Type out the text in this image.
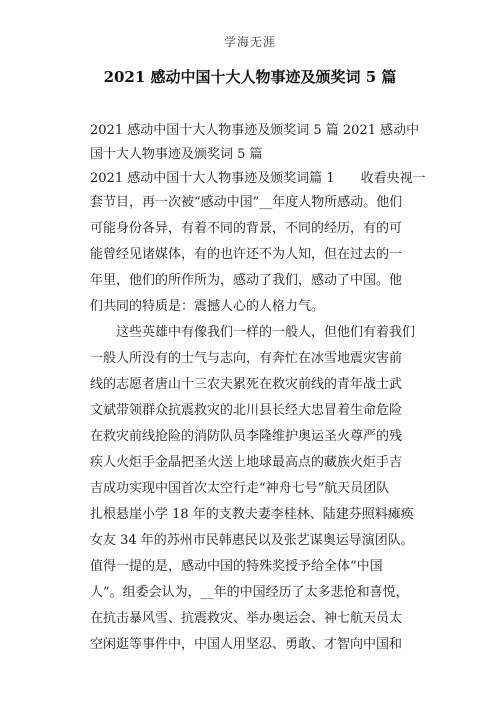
学海无涯
2021 感动中国十大人物事迹及颁奖词 5 篇
2021 感动中国十大人物事迹及颁奖词 5 篇 2021 感动中
国十大人物事迹及颁奖词 5 篇
2021 感动中国十大人物事迹及颁奖词篇 1　　收看央视一
套节目，再一次被“感动中国”__年度人物所感动。他们
可能身份各异，有着不同的背景，不同的经历，有的可
能曾经见诸媒体，有的也许还不为人知，但在过去的一
年里，他们的所作所为，感动了我们，感动了中国。他
们共同的特质是：震撼人心的人格力气。
　　这些英雄中有像我们一样的一般人，但他们有着我们
一般人所没有的士气与志向，有奔忙在冰雪地震灾害前
线的志愿者唐山十三农夫累死在救灾前线的青年战士武
文斌带领群众抗震救灾的北川县长经大忠冒着生命危险
在救灾前线抢险的消防队员李隆维护奥运圣火尊严的残
疾人火炬手金晶把圣火送上地球最高点的藏族火炬手吉
吉成功实现中国首次太空行走“神舟七号”航天员团队
扎根悬崖小学 18 年的支教夫妻李桂林、陆建芬照料瘫痪
女友 34 年的苏州市民韩惠民以及张艺谋奥运导演团队。
值得一提的是，感动中国的特殊奖授予给全体“中国
人”。组委会认为，__年的中国经历了太多悲怆和喜悦，
在抗击暴风雪、抗震救灾、举办奥运会、神七航天员太
空闲逛等事件中，中国人用坚忍、勇敢、才智向中国和
